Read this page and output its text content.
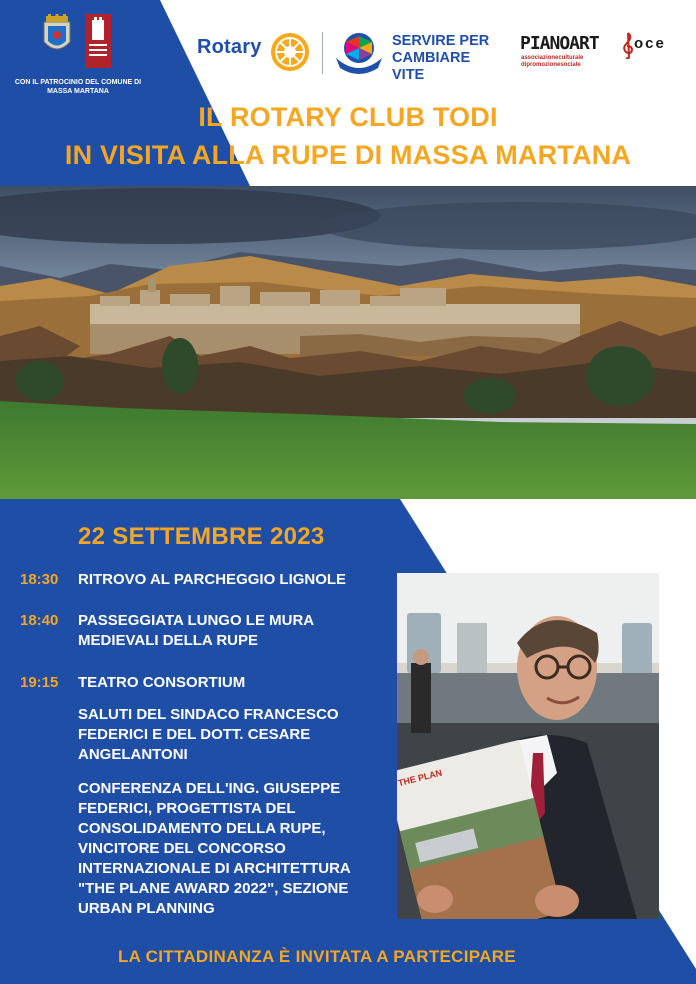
CON IL PATROCINIO DEL COMUNE DI MASSA MARTANA
Rotary	SERVIRE PER CAMBIARE VITE
PIANOART oce
associazioneculturale dipromozionesociale
IL ROTARY CLUB TODI
IN VISITA ALLA RUPE DI MASSA MARTANA
22 SETTEMBRE 2023
18:30	RITROVO AL PARCHEGGIO LIGNOLE
18:40	PASSEGGIATA LUNGO LE MURA MEDIEVALI DELLA RUPE
19:15	TEATRO CONSORTIUM
SALUTI DEL SINDACO FRANCESCO FEDERICI E DEL DOTT. CESARE ANGELANTONI
CONFERENZA DELL'ING. GIUSEPPE FEDERICI, PROGETTISTA DEL CONSOLIDAMENTO DELLA RUPE, VINCITORE DEL CONCORSO INTERNAZIONALE DI ARCHITETTURA "THE PLANE AWARD 2022", SEZIONE URBAN PLANNING
LA CITTADINANZA È INVITATA A PARTECIPARE
THE PLAN
